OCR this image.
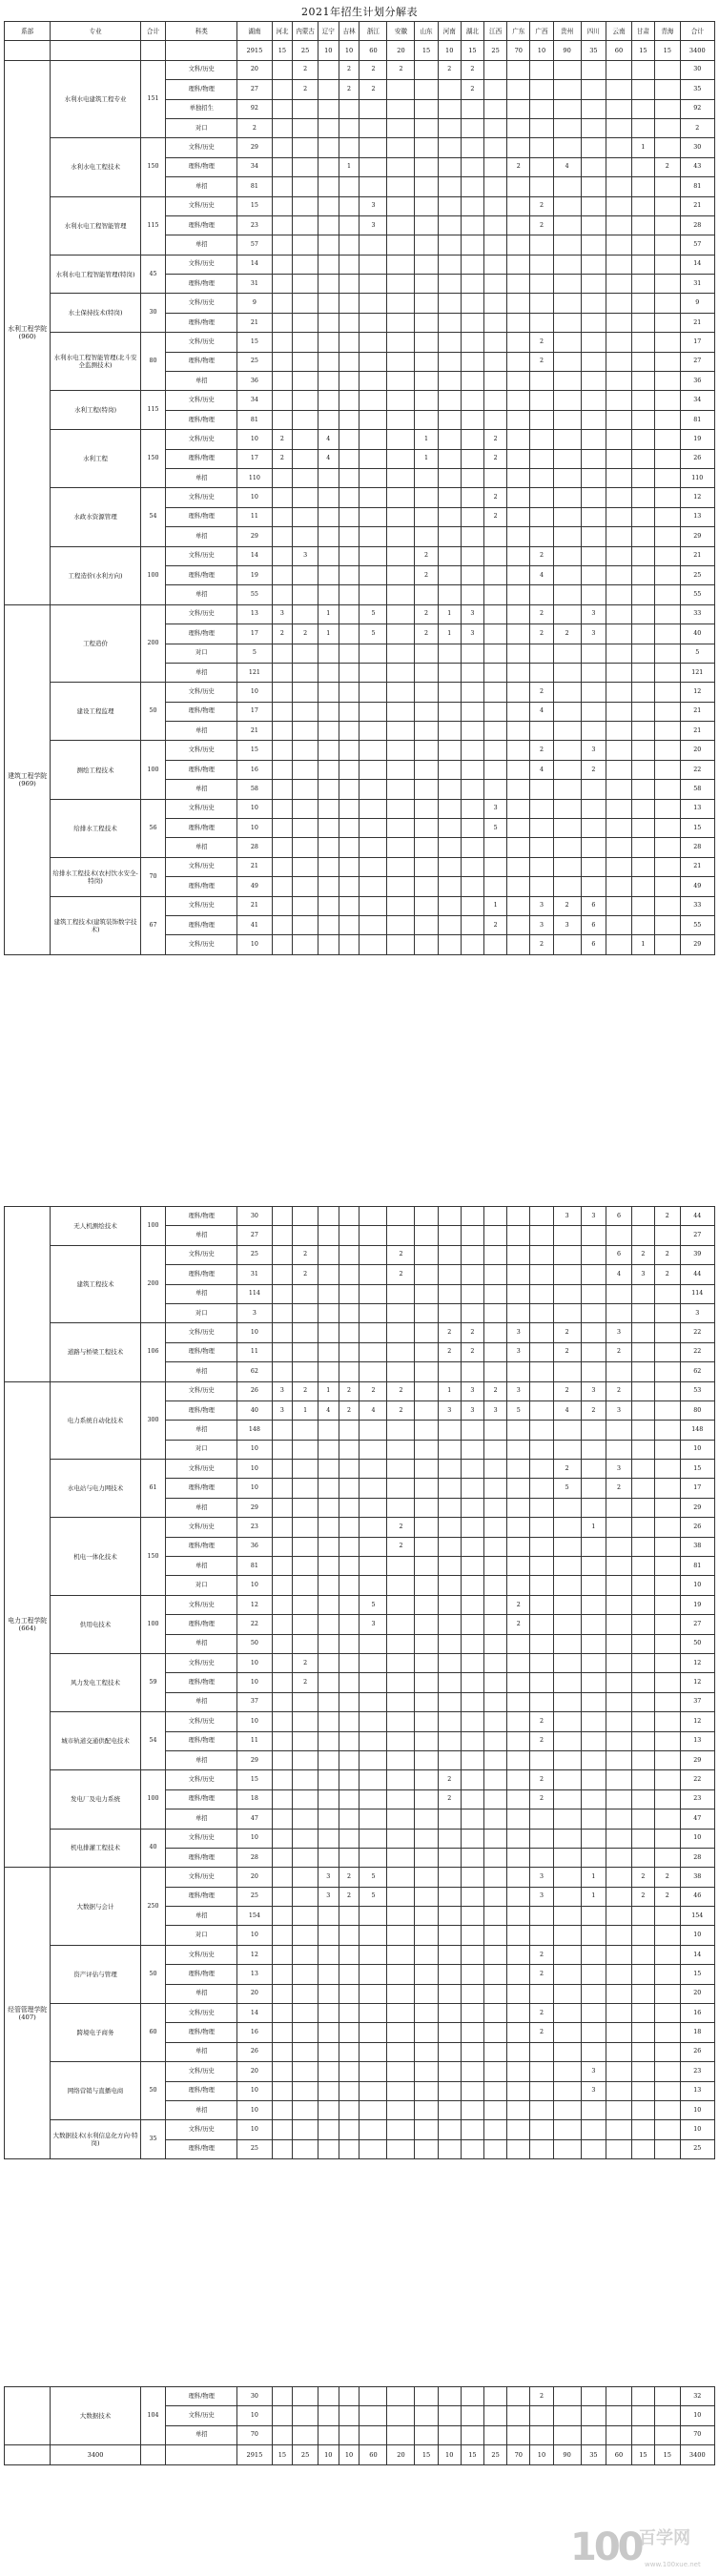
2021年招生计划分解表
系部	专业	合计	科类	湖南	河北	内蒙古	辽宁	吉林	浙江	安徽	山东	河南	湖北	江西	广东	广西	贵州	四川	云南	甘肃	青海	合计
				2915	15	25	10	10	60	20	15	10	15	25	70	10	90	35	60	15	15	3400
水利工程学院(960)	水利水电建筑工程专业	151	文科/历史	20		2		2	2	2		2	2									30
			理科/物理	27		2		2	2				2									35
			单独招生	92																		92
			对口	2																		2
	水利水电工程技术	150	文科/历史	29																1		30
			理科/物理	34				1							2		4				2	43
			单招	81																		81
	水利水电工程智能管理	115	文科/历史	15					3							2						21
			理科/物理	23					3							2						28
			单招	57																		57
	水利水电工程智能管理(特岗)	45	文科/历史	14																		14
			理科/物理	31																		31
	水土保持技术(特岗)	30	文科/历史	9																		9
			理科/物理	21																		21
	水利水电工程智能管理(北斗安全监测技术)	80	文科/历史	15												2						17
			理科/物理	25												2						27
			单招	36																		36
	水利工程(特岗)	115	文科/历史	34																		34
			理科/物理	81																		81
	水利工程	150	文科/历史	10	2		4				1			2								19
			理科/物理	17	2		4				1			2								26
			单招	110																		110
	水政水资源管理	54	文科/历史	10										2								12
			理科/物理	11										2								13
			单招	29																		29
	工程造价(水利方向)	100	文科/历史	14		3					2					2						21
			理科/物理	19							2					4						25
			单招	55																		55
建筑工程学院(969)	工程造价	200	文科/历史	13	3		1		5		2	1	3			2		3				33
			理科/物理	17	2	2	1		5		2	1	3			2	2	3				40
			对口	5																		5
			单招	121																		121
	建设工程监理	50	文科/历史	10												2						12
			理科/物理	17												4						21
			单招	21																		21
	测绘工程技术	100	文科/历史	15												2		3				20
			理科/物理	16												4		2				22
			单招	58																		58
	给排水工程技术	56	文科/历史	10										3								13
			理科/物理	10										5								15
			单招	28																		28
	给排水工程技术(农村饮水安全-特岗)	70	文科/历史	21																		21
			理科/物理	49																		49
	建筑工程技术(建筑装饰数字技术)	67	文科/历史	21										1		3	2	6				33
			理科/物理	41										2		3	3	6				55
			文科/历史	10												2		6		1		29
	无人机测绘技术	100	理科/物理	30													3	3	6		2	44
			单招	27																		27
	建筑工程技术	200	文科/历史	25		2				2									6	2	2	39
			理科/物理	31		2				2									4	3	2	44
			单招	114																		114
			对口	3																		3
	道路与桥梁工程技术	106	文科/历史	10								2	2		3		2		3			22
			理科/物理	11								2	2		3		2		2			22
			单招	62																		62
电力工程学院(664)	电力系统自动化技术	300	文科/历史	26	3	2	1	2	2	2		1	3	2	3		2	3	2			53
			理科/物理	40	3	1	4	2	4	2		3	3	3	5		4	2	3			80
			单招	148																		148
			对口	10																		10
	水电站与电力网技术	61	文科/历史	10													2		3			15
			理科/物理	10													5		2			17
			单招	29																		29
	机电一体化技术	150	文科/历史	23						2								1				26
			理科/物理	36						2												38
			单招	81																		81
			对口	10																		10
	供用电技术	100	文科/历史	12					5						2							19
			理科/物理	22					3						2							27
			单招	50																		50
	风力发电工程技术	59	文科/历史	10		2																12
			理科/物理	10		2																12
			单招	37																		37
	城市轨道交通供配电技术	54	文科/历史	10												2						12
			理科/物理	11												2						13
			单招	29																		29
	发电厂及电力系统	100	文科/历史	15								2				2						22
			理科/物理	18								2				2						23
			单招	47																		47
	机电排灌工程技术	40	文科/历史	10																		10
			理科/物理	28																		28
经管管理学院(407)	大数据与会计	250	文科/历史	20			3	2	5							3		1		2	2	38
			理科/物理	25			3	2	5							3		1		2	2	46
			单招	154																		154
			对口	10																		10
	资产评估与管理	50	文科/历史	12												2						14
			理科/物理	13												2						15
			单招	20																		20
	跨境电子商务	60	文科/历史	14												2						16
			理科/物理	16												2						18
			单招	26																		26
	网络营销与直播电商	50	文科/历史	20														3				23
			理科/物理	10														3				13
			单招	10																		10
	大数据技术(水利信息化方向·特岗)	35	文科/历史	10																		10
			理科/物理	25																		25
	大数据技术	104	理科/物理	30												2						32
			文科/历史	10																		10
			单招	70																		70
	3400			2915	15	25	10	10	60	20	15	10	15	25	70	10	90	35	60	15	15	3400
100
百学网
www.100xue.net
